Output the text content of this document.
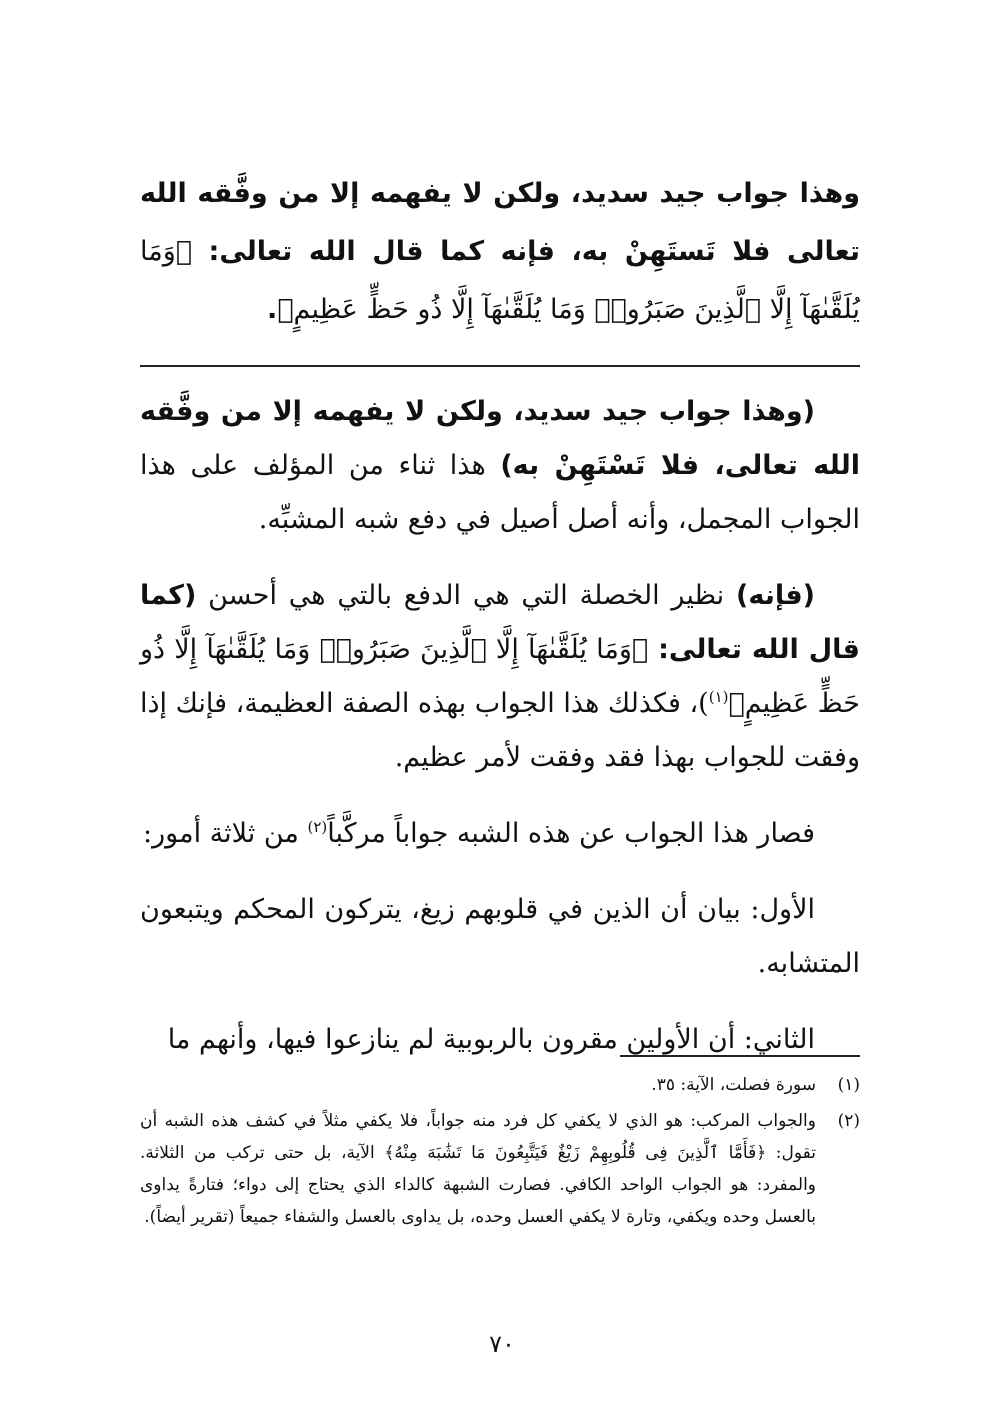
وهذا جواب جيد سديد، ولكن لا يفهمه إلا من وفَّقه الله تعالى فلا تَستَهِنْ به، فإنه كما قال الله تعالى: ﴿وَمَا يُلَقَّىٰهَآ إِلَّا ٱلَّذِينَ صَبَرُوا۟ وَمَا يُلَقَّىٰهَآ إِلَّا ذُو حَظٍّ عَظِيمٍ﴾.

(وهذا جواب جيد سديد، ولكن لا يفهمه إلا من وفَّقه الله تعالى، فلا تَسْتَهِنْ به) هذا ثناء من المؤلف على هذا الجواب المجمل، وأنه أصل أصيل في دفع شبه المشبِّه.

(فإنه) نظير الخصلة التي هي الدفع بالتي هي أحسن (كما قال الله تعالى: ﴿وَمَا يُلَقَّىٰهَآ إِلَّا ٱلَّذِينَ صَبَرُوا۟ وَمَا يُلَقَّىٰهَآ إِلَّا ذُو حَظٍّ عَظِيمٍ﴾$^{(١)}$)، فكذلك هذا الجواب بهذه الصفة العظيمة، فإنك إذا وفقت للجواب بهذا فقد وفقت لأمر عظيم.

فصار هذا الجواب عن هذه الشبه جواباً مركَّباً$^{(٢)}$ من ثلاثة أمور:

الأول: بيان أن الذين في قلوبهم زيغ، يتركون المحكم ويتبعون المتشابه.

الثاني: أن الأولين مقرون بالربوبية لم ينازعوا فيها، وأنهم ما

(١)
سورة فصلت، الآية: ٣٥.
(٢)
والجواب المركب: هو الذي لا يكفي كل فرد منه جواباً، فلا يكفي مثلاً في كشف هذه الشبه أن تقول: ﴿فَأَمَّا ٱلَّذِينَ فِى قُلُوبِهِمْ زَيْغٌ فَيَتَّبِعُونَ مَا تَشَٰبَهَ مِنْهُ﴾ الآية، بل حتى تركب من الثلاثة. والمفرد: هو الجواب الواحد الكافي. فصارت الشبهة كالداء الذي يحتاج إلى دواء؛ فتارةً يداوى بالعسل وحده ويكفي، وتارة لا يكفي العسل وحده، بل يداوى بالعسل والشفاء جميعاً (تقرير أيضاً).
٧٠
